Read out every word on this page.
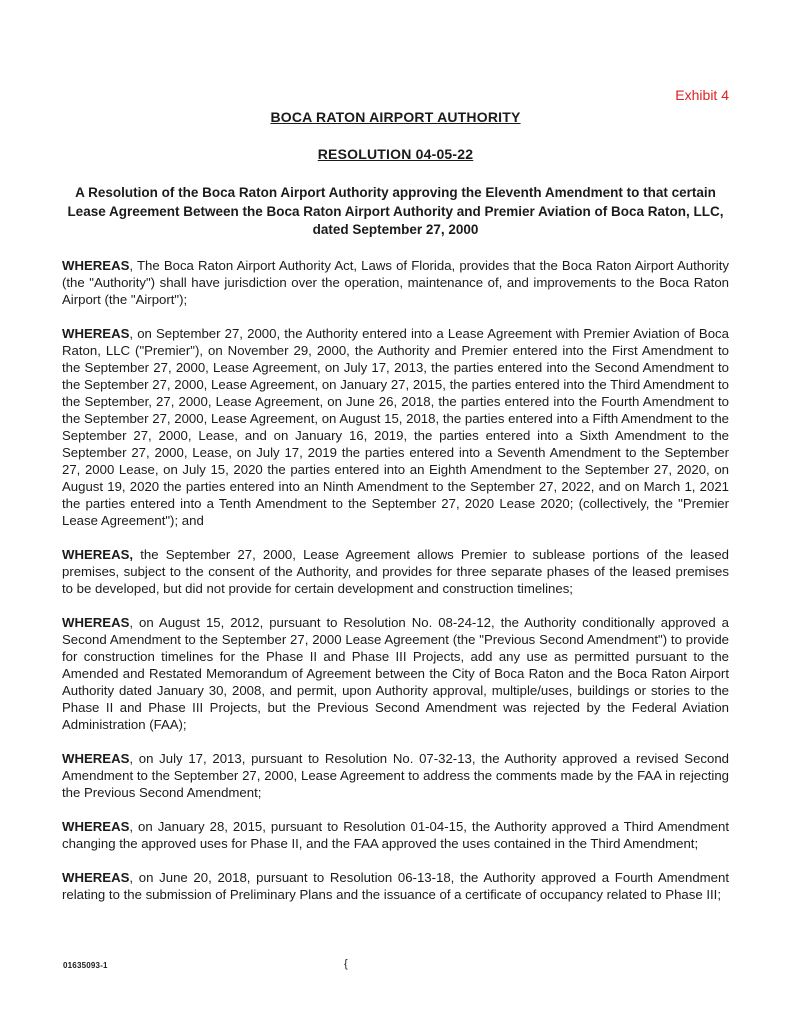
Exhibit 4
BOCA RATON AIRPORT AUTHORITY
RESOLUTION 04-05-22
A Resolution of the Boca Raton Airport Authority approving the Eleventh Amendment to that certain Lease Agreement Between the Boca Raton Airport Authority and Premier Aviation of Boca Raton, LLC, dated September 27, 2000

WHEREAS, The Boca Raton Airport Authority Act, Laws of Florida, provides that the Boca Raton Airport Authority (the "Authority") shall have jurisdiction over the operation, maintenance of, and improvements to the Boca Raton Airport (the "Airport");

WHEREAS, on September 27, 2000, the Authority entered into a Lease Agreement with Premier Aviation of Boca Raton, LLC ("Premier"), on November 29, 2000, the Authority and Premier entered into the First Amendment to the September 27, 2000, Lease Agreement, on July 17, 2013, the parties entered into the Second Amendment to the September 27, 2000, Lease Agreement, on January 27, 2015, the parties entered into the Third Amendment to the September, 27, 2000, Lease Agreement, on June 26, 2018, the parties entered into the Fourth Amendment to the September 27, 2000, Lease Agreement, on August 15, 2018, the parties entered into a Fifth Amendment to the September 27, 2000, Lease, and on January 16, 2019, the parties entered into a Sixth Amendment to the September 27, 2000, Lease, on July 17, 2019 the parties entered into a Seventh Amendment to the September 27, 2000 Lease, on July 15, 2020 the parties entered into an Eighth Amendment to the September 27, 2020, on August 19, 2020 the parties entered into an Ninth Amendment to the September 27, 2022, and on March 1, 2021 the parties entered into a Tenth Amendment to the September 27, 2020 Lease 2020; (collectively, the "Premier Lease Agreement"); and

WHEREAS, the September 27, 2000, Lease Agreement allows Premier to sublease portions of the leased premises, subject to the consent of the Authority, and provides for three separate phases of the leased premises to be developed, but did not provide for certain development and construction timelines;

WHEREAS, on August 15, 2012, pursuant to Resolution No. 08-24-12, the Authority conditionally approved a Second Amendment to the September 27, 2000 Lease Agreement (the "Previous Second Amendment") to provide for construction timelines for the Phase II and Phase III Projects, add any use as permitted pursuant to the Amended and Restated Memorandum of Agreement between the City of Boca Raton and the Boca Raton Airport Authority dated January 30, 2008, and permit, upon Authority approval, multiple/uses, buildings or stories to the Phase II and Phase III Projects, but the Previous Second Amendment was rejected by the Federal Aviation Administration (FAA);

WHEREAS, on July 17, 2013, pursuant to Resolution No. 07-32-13, the Authority approved a revised Second Amendment to the September 27, 2000, Lease Agreement to address the comments made by the FAA in rejecting the Previous Second Amendment;

WHEREAS, on January 28, 2015, pursuant to Resolution 01-04-15, the Authority approved a Third Amendment changing the approved uses for Phase II, and the FAA approved the uses contained in the Third Amendment;

WHEREAS, on June 20, 2018, pursuant to Resolution 06-13-18, the Authority approved a Fourth Amendment relating to the submission of Preliminary Plans and the issuance of a certificate of occupancy related to Phase III;

01635093-1	{
